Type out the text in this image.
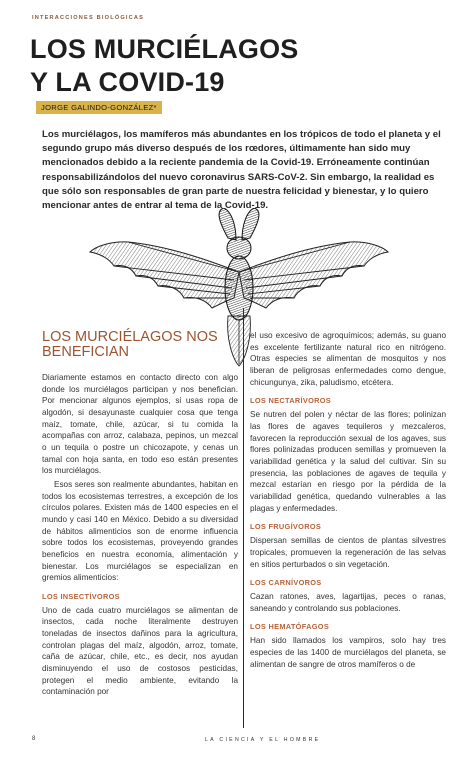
INTERACCIONES BIOLÓGICAS
LOS MURCIÉLAGOS
Y LA COVID-19
JORGE GALINDO-GONZÁLEZ*

Los murciélagos, los mamíferos más abundantes en los trópicos de todo el planeta y el segundo grupo más diverso después de los rœdores, últimamente han sido muy mencionados debido a la reciente pandemia de la Covid-19. Erróneamente continúan responsabilizándolos del nuevo coronavirus SARS-CoV-2. Sin embargo, la realidad es que sólo son responsables de gran parte de nuestra felicidad y bienestar, y lo quiero mencionar antes de entrar al tema de la Covid-19.

LOS MURCIÉLAGOS NOS BENEFICIAN

Diariamente estamos en contacto directo con algo donde los murciélagos participan y nos benefician. Por mencionar algunos ejemplos, si usas ropa de algodón, si desayunaste cualquier cosa que tenga maíz, tomate, chile, azúcar, si tu comida la acompañas con arroz, calabaza, pepinos, un mezcal o un tequila o postre un chicozapote, y cenas un tamal con hoja santa, en todo eso están presentes los murciélagos.

Esos seres son realmente abundantes, habitan en todos los ecosistemas terrestres, a excepción de los círculos polares. Existen más de 1400 especies en el mundo y casi 140 en México. Debido a su diversidad de hábitos alimenticios son de enorme influencia sobre todos los ecosistemas, proveyendo grandes beneficios en nuestra economía, alimentación y bienestar. Los murciélagos se especializan en gremios alimenticios:

LOS INSECTÍVOROS

Uno de cada cuatro murciélagos se alimentan de insectos, cada noche literalmente destruyen toneladas de insectos dañinos para la agricultura, controlan plagas del maíz, algodón, arroz, tomate, caña de azúcar, chile, etc., es decir, nos ayudan disminuyendo el uso de costosos pesticidas, protegen el medio ambiente, evitando la contaminación por

el uso excesivo de agroquímicos; además, su guano es excelente fertilizante natural rico en nitrógeno. Otras especies se alimentan de mosquitos y nos liberan de peligrosas enfermedades como dengue, chicungunya, zika, paludismo, etcétera.

LOS NECTARÍVOROS

Se nutren del polen y néctar de las flores; polinizan las flores de agaves tequileros y mezcaleros, favorecen la reproducción sexual de los agaves, sus flores polinizadas producen semillas y promueven la variabilidad genética y la salud del cultivar. Sin su presencia, las poblaciones de agaves de tequila y mezcal estarían en riesgo por la pérdida de la variabilidad genética, quedando vulnerables a las plagas y enfermedades.

LOS FRUGÍVOROS

Dispersan semillas de cientos de plantas silvestres tropicales, promueven la regeneración de las selvas en sitios perturbados o sin vegetación.

LOS CARNÍVOROS

Cazan ratones, aves, lagartijas, peces o ranas, saneando y controlando sus poblaciones.

LOS HEMATÓFAGOS

Han sido llamados los vampiros, solo hay tres especies de las 1400 de murciélagos del planeta, se alimentan de sangre de otros mamíferos o de

8	LA CIENCIA Y EL HOMBRE
